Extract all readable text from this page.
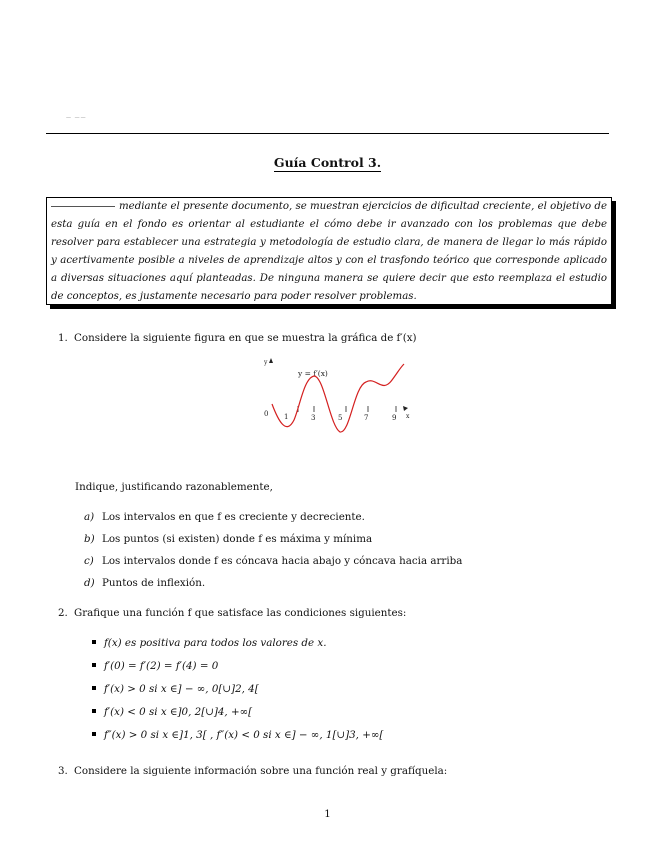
— ——
Guía Control 3.

mediante el presente documento, se muestran ejercicios de dificultad creciente, el objetivo de esta guía en el fondo es orientar al estudiante el cómo debe ir avanzado con los problemas que debe resolver para establecer una estrategia y metodología de estudio clara, de manera de llegar lo más rápido y acertivamente posible a niveles de aprendizaje altos y con el trasfondo teórico que corresponde aplicado a diversas situaciones aquí planteadas. De ninguna manera se quiere decir que esto reemplaza el estudio de conceptos, es justamente necesario para poder resolver problemas.

1. Considere la siguiente figura en que se muestra la gráfica de f′(x)
y
y = f′(x)
0 1	3	5	7	9 x
Indique, justificando razonablemente,
a) Los intervalos en que f es creciente y decreciente.
b) Los puntos (si existen) donde f es máxima y mínima
c) Los intervalos donde f es cóncava hacia abajo y cóncava hacia arriba
d) Puntos de inflexión.
2. Grafique una función f que satisface las condiciones siguientes:
f(x) es positiva para todos los valores de x.
f′(0) = f′(2) = f′(4) = 0
f′(x) > 0 si x ∈] − ∞, 0[∪]2, 4[
f′(x) < 0 si x ∈]0, 2[∪]4, +∞[
f″(x) > 0 si x ∈]1, 3[ , f″(x) < 0 si x ∈] − ∞, 1[∪]3, +∞[
3. Considere la siguiente información sobre una función real y grafíquela:
1
